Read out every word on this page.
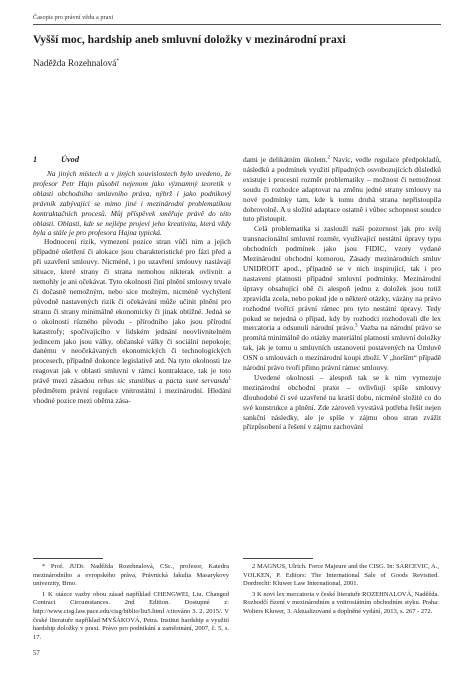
Časopis pro právní vědu a praxi
Vyšší moc, hardship aneb smluvní doložky v mezinárodní praxi
Naděžda Rozehnalová*
1	Úvod

Na jiných místech a v jiných souvislostech bylo uvedeno, že profesor Petr Hajn působil nejenom jako významný teoretik v oblasti obchodního smluvního práva, nýbrž i jako podnikový právník zabývající se mimo jiné i mezinárodní problematikou kontraktačních procesů. Můj příspěvek směřuje právě do této oblasti. Oblasti, kde se nejlépe projeví jeho kreativita, která vždy byla a stále je pro profesora Hajna typická.

Hodnocení rizik, vymezení pozice stran vůči nim a jejich případné ošetření či alokace jsou charakteristické pro fázi před a při uzavření smlouvy. Nicméně, i po uzavření smlouvy nastávají situace, které strany či strana nemohou nikterak ovlivnit a nemohly je ani očekávat. Tyto okolnosti činí plnění smlouvy trvale či dočasně nemožným, nebo sice možným, nicméně vychýlení původně nastavených rizik či očekávání může učinit plnění pro stranu či strany minimálně ekonomicky či jinak obtížné. Jedná se o okolnosti různého původu - přírodního jako jsou přírodní katastrofy; spočívajícího v lidském jednání neovlivnitelném jedincem jako jsou války, občanské války či sociální nepokoje; danému v neočekávaných ekonomických či technologických procesech, případně dokonce legislativě atd. Na tyto okolnosti lze reagovat jak v oblasti smluvní v rámci kontraktace, tak je toto právě mezi zásadou rebus sic stantibus a pacta sunt servanda$^1$ předmětem právní regulace vnitrostátní i mezinárodní. Hledání vhodné pozice mezi oběma zása-

dami je delikátním úkolem.$^2$ Navíc, vedle regulace předpokladů, následků a podmínek využití případných osvobozujících důsledků existuje i procesní rozměr problematiky – možnost či nemožnost soudu či rozhodce adaptovat na změnu jedné strany smlouvy na nové podmínky tam, kde k tomu druhá strana nepřistoupila dobrovolně. A u složité adaptace ostatně i vůbec schopnost soudce tuto přistoupit.

Celá problematika si zaslouží naší pozornost jak pro svůj transnacionální smluvní rozměr, využívající nestátní úpravy typu obchodních podmínek jako jsou FIDIC, vzory vydané Mezinárodní obchodní komorou, Zásady mezinárodních smluv UNIDROIT apod., případně se v nich inspirující, tak i pro nastavení platnosti případné smluvní podmínky. Mezinárodní úpravy obsahující obě či alespoň jednu z doložek jsou totiž zpravidla zcela, nebo pokud jde o některé otázky, vázány na právo rozhodné tvořící právní rámec pro tyto nestátní úpravy. Tedy pokud se nejedná o případ, kdy by rozhodci rozhodovali dle lex mercatoria a odsunuli národní právo.$^3$ Vazba na národní právo se promítá minimálně do otázky materiální platnosti smluvní doložky tak, jak je tomu u smluvních ustanovení postavených na Úmluvě OSN o smlouvách o mezinárodní koupi zboží. V „horším“ případě národní právo tvoří přímo právní rámec smlouvy.

Uvedené okolnosti – alespoň tak se k nim vymezuje mezinárodní obchodní praxe – ovlivňují spíše smlouvy dlouhodobé či své uzavřené na kratší dobu, nicméně složité co do své konstrukce a plnění. Zde zároveň vyvstává potřeba řešit nejen sankční následky, ale je spíše v zájmu obou stran zvážit přizpůsobení a řešení v zájmu zachování

* Prof. JUDr. Naděžda Rozehnalová, CSc., profesor, Katedra mezinárodního a evropského práva, Právnická fakulta Masarykovy univerzity, Brno.

1 K otázce vazby obou zásad například CHENGWEI, Liu. Changed Contract Circumstances. 2nd Edition. Dostupné z: http://www.cisg.law.pace.edu/cisg/biblio/liu5.html /citováno 3. 2. 2015/. V české literatuře například MYŠÁKOVÁ, Petra. Institut hardship a využití hardship doložky v praxi. Právo pro podnikání a zaměstnání, 2007, č. 5, s. 17.

2 MAGNUS, Ulrich. Force Majeure and the CISG. In: SARCEVIC, A., VOLKEN, P. Editors: The International Sale of Goods Revisited. Dordrecht: Kluwer Law International, 2001.

3 K novi lex mercatoria v české literatuře ROZEHNALOVÁ, Naděžda. Rozhodčí řízení v mezinárodním a vnitrostátním obchodním styku. Praha: Wolters Kluwer, 3. Aktualizované a doplněné vydání, 2013, s. 267 - 272.

57
